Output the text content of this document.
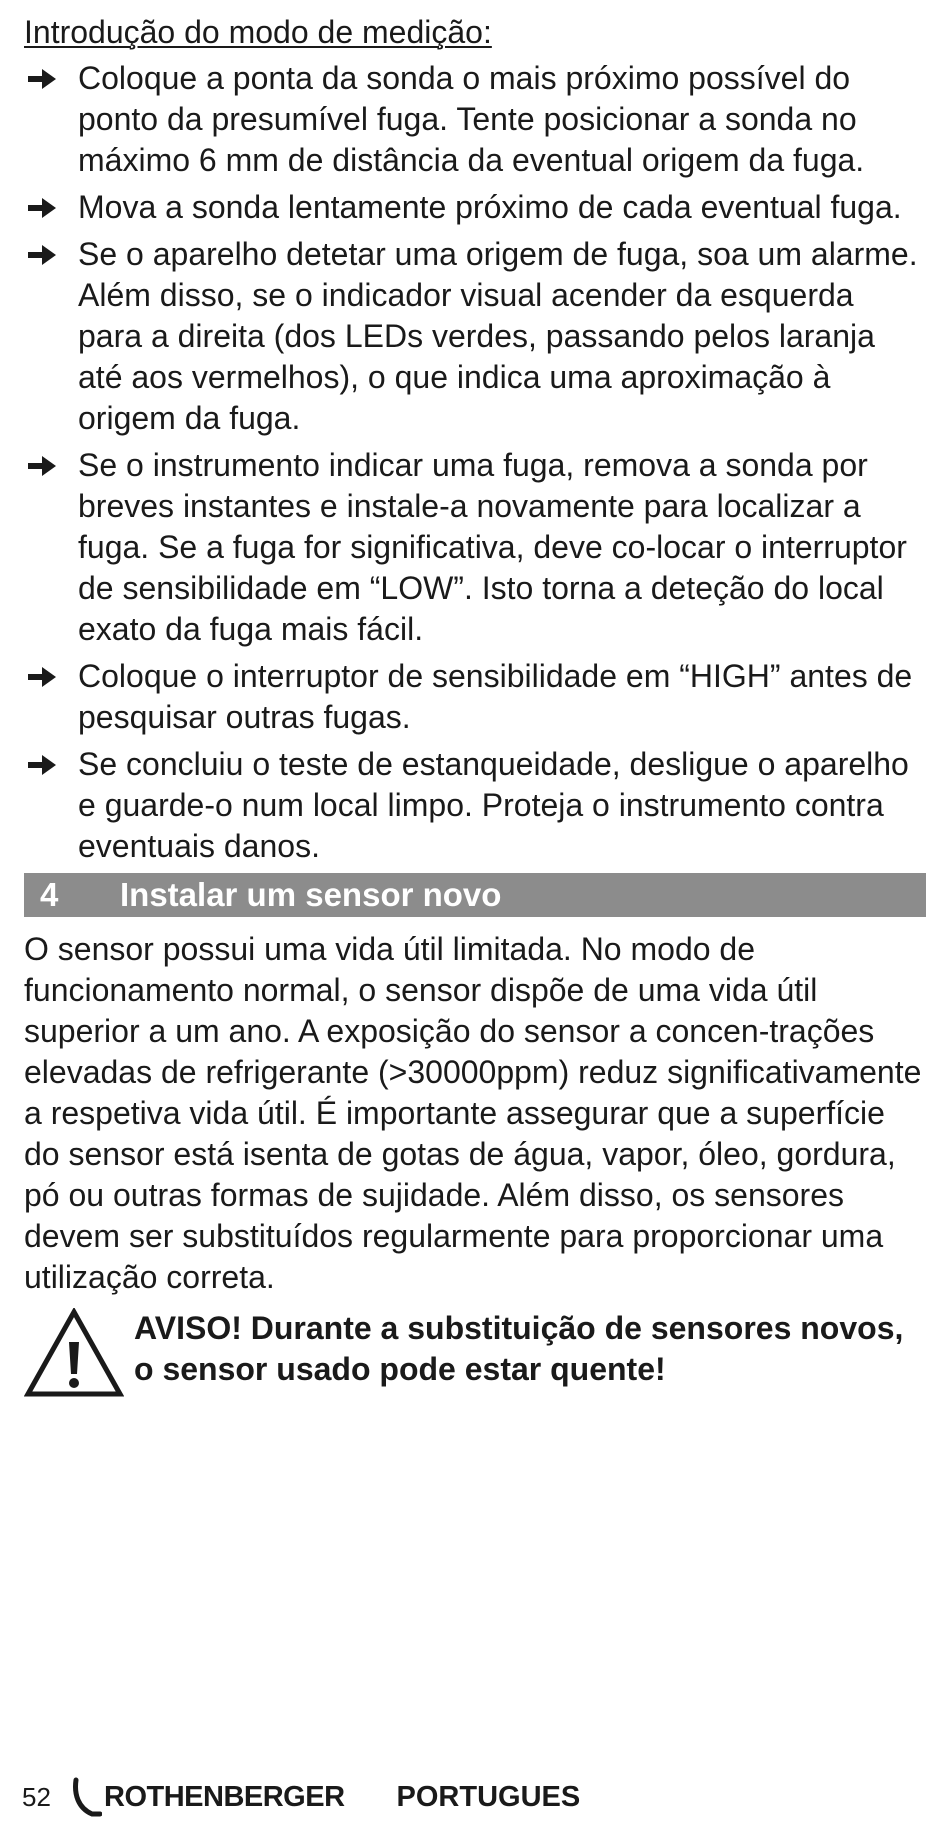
Introdução do modo de medição:
Coloque a ponta da sonda o mais próximo possível do ponto da presumível fuga. Tente posicionar a sonda no máximo 6 mm de distância da eventual origem da fuga.
Mova a sonda lentamente próximo de cada eventual fuga.
Se o aparelho detetar uma origem de fuga, soa um alarme. Além disso, se o indicador visual acender da esquerda para a direita (dos LEDs verdes, passando pelos laranja até aos vermelhos), o que indica uma aproximação à origem da fuga.
Se o instrumento indicar uma fuga, remova a sonda por breves instantes e instale-a novamente para localizar a fuga. Se a fuga for significativa, deve co-locar o interruptor de sensibilidade em “LOW”. Isto torna a deteção do local exato da fuga mais fácil.
Coloque o interruptor de sensibilidade em “HIGH” antes de pesquisar outras fugas.
Se concluiu o teste de estanqueidade, desligue o aparelho e guarde-o num local limpo. Proteja o instrumento contra eventuais danos.
4	Instalar um sensor novo

O sensor possui uma vida útil limitada. No modo de funcionamento normal, o sensor dispõe de uma vida útil superior a um ano. A exposição do sensor a concen-trações elevadas de refrigerante (>30000ppm) reduz significativamente a respetiva vida útil. É importante assegurar que a superfície do sensor está isenta de gotas de água, vapor, óleo, gordura, pó ou outras formas de sujidade. Além disso, os sensores devem ser substituídos regularmente para proporcionar uma utilização correta.

AVISO! Durante a substituição de sensores novos, o sensor usado pode estar quente!
52	ROTHENBERGER PORTUGUES
